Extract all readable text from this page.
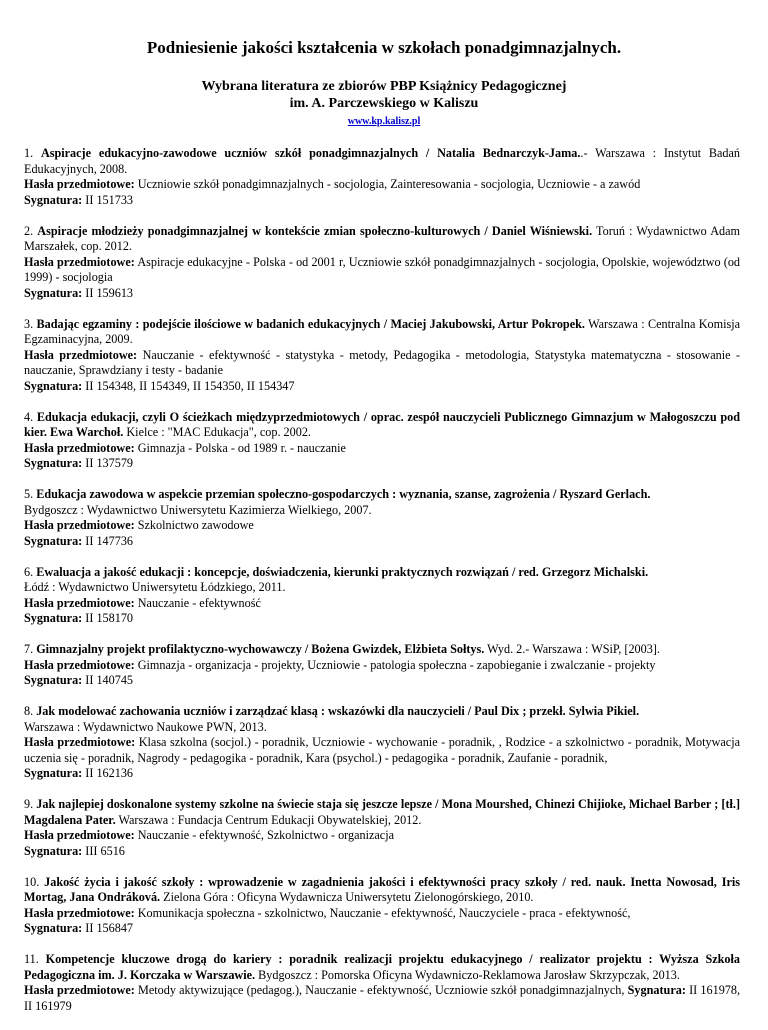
Podniesienie jakości kształcenia w szkołach ponadgimnazjalnych.
Wybrana literatura ze zbiorów PBP Książnicy Pedagogicznej
im. A. Parczewskiego w Kaliszu
www.kp.kalisz.pl

1. Aspiracje edukacyjno-zawodowe uczniów szkół ponadgimnazjalnych / Natalia Bednarczyk-Jama..- Warszawa : Instytut Badań Edukacyjnych, 2008.
Hasła przedmiotowe: Uczniowie szkół ponadgimnazjalnych - socjologia, Zainteresowania - socjologia, Uczniowie - a zawód
Sygnatura: II 151733

2. Aspiracje młodzieży ponadgimnazjalnej w kontekście zmian społeczno-kulturowych / Daniel Wiśniewski. Toruń : Wydawnictwo Adam Marszałek, cop. 2012.
Hasła przedmiotowe: Aspiracje edukacyjne - Polska - od 2001 r, Uczniowie szkół ponadgimnazjalnych - socjologia, Opolskie, województwo (od 1999) - socjologia
Sygnatura: II 159613

3. Badając egzaminy : podejście ilościowe w badanich edukacyjnych / Maciej Jakubowski, Artur Pokropek. Warszawa : Centralna Komisja Egzaminacyjna, 2009.
Hasła przedmiotowe: Nauczanie - efektywność - statystyka - metody, Pedagogika - metodologia, Statystyka matematyczna - stosowanie - nauczanie, Sprawdziany i testy - badanie
Sygnatura: II 154348, II 154349, II 154350, II 154347

4. Edukacja edukacji, czyli O ścieżkach międzyprzedmiotowych / oprac. zespół nauczycieli Publicznego Gimnazjum w Małogoszczu pod kier. Ewa Warchoł. Kielce : "MAC Edukacja", cop. 2002.
Hasła przedmiotowe: Gimnazja - Polska - od 1989 r. - nauczanie
Sygnatura: II 137579

5. Edukacja zawodowa w aspekcie przemian społeczno-gospodarczych : wyznania, szanse, zagrożenia / Ryszard Gerlach.
Bydgoszcz : Wydawnictwo Uniwersytetu Kazimierza Wielkiego, 2007.
Hasła przedmiotowe: Szkolnictwo zawodowe
Sygnatura: II 147736

6. Ewaluacja a jakość edukacji : koncepcje, doświadczenia, kierunki praktycznych rozwiązań / red. Grzegorz Michalski.
Łódź : Wydawnictwo Uniwersytetu Łódzkiego, 2011.
Hasła przedmiotowe: Nauczanie - efektywność
Sygnatura: II 158170

7. Gimnazjalny projekt profilaktyczno-wychowawczy / Bożena Gwizdek, Elżbieta Sołtys. Wyd. 2.- Warszawa : WSiP, [2003].
Hasła przedmiotowe: Gimnazja - organizacja - projekty, Uczniowie - patologia społeczna - zapobieganie i zwalczanie - projekty
Sygnatura: II 140745

8. Jak modelować zachowania uczniów i zarządzać klasą : wskazówki dla nauczycieli / Paul Dix ; przekł. Sylwia Pikiel.
Warszawa : Wydawnictwo Naukowe PWN, 2013.
Hasła przedmiotowe: Klasa szkolna (socjol.) - poradnik, Uczniowie - wychowanie - poradnik, , Rodzice - a szkolnictwo - poradnik, Motywacja uczenia się - poradnik, Nagrody - pedagogika - poradnik, Kara (psychol.) - pedagogika - poradnik, Zaufanie - poradnik,
Sygnatura: II 162136

9. Jak najlepiej doskonalone systemy szkolne na świecie staja się jeszcze lepsze / Mona Mourshed, Chinezi Chijioke, Michael Barber ; [tł.] Magdalena Pater. Warszawa : Fundacja Centrum Edukacji Obywatelskiej, 2012.
Hasła przedmiotowe: Nauczanie - efektywność, Szkolnictwo - organizacja
Sygnatura: III 6516

10. Jakość życia i jakość szkoły : wprowadzenie w zagadnienia jakości i efektywności pracy szkoły / red. nauk. Inetta Nowosad, Iris Mortag, Jana Ondráková. Zielona Góra : Oficyna Wydawnicza Uniwersytetu Zielonogórskiego, 2010.
Hasła przedmiotowe: Komunikacja społeczna - szkolnictwo, Nauczanie - efektywność, Nauczyciele - praca - efektywność,
Sygnatura: II 156847

11. Kompetencje kluczowe drogą do kariery : poradnik realizacji projektu edukacyjnego / realizator projektu : Wyższa Szkoła Pedagogiczna im. J. Korczaka w Warszawie. Bydgoszcz : Pomorska Oficyna Wydawniczo-Reklamowa Jarosław Skrzypczak, 2013.
Hasła przedmiotowe: Metody aktywizujące (pedagog.), Nauczanie - efektywność, Uczniowie szkół ponadgimnazjalnych, Sygnatura: II 161978, II 161979
